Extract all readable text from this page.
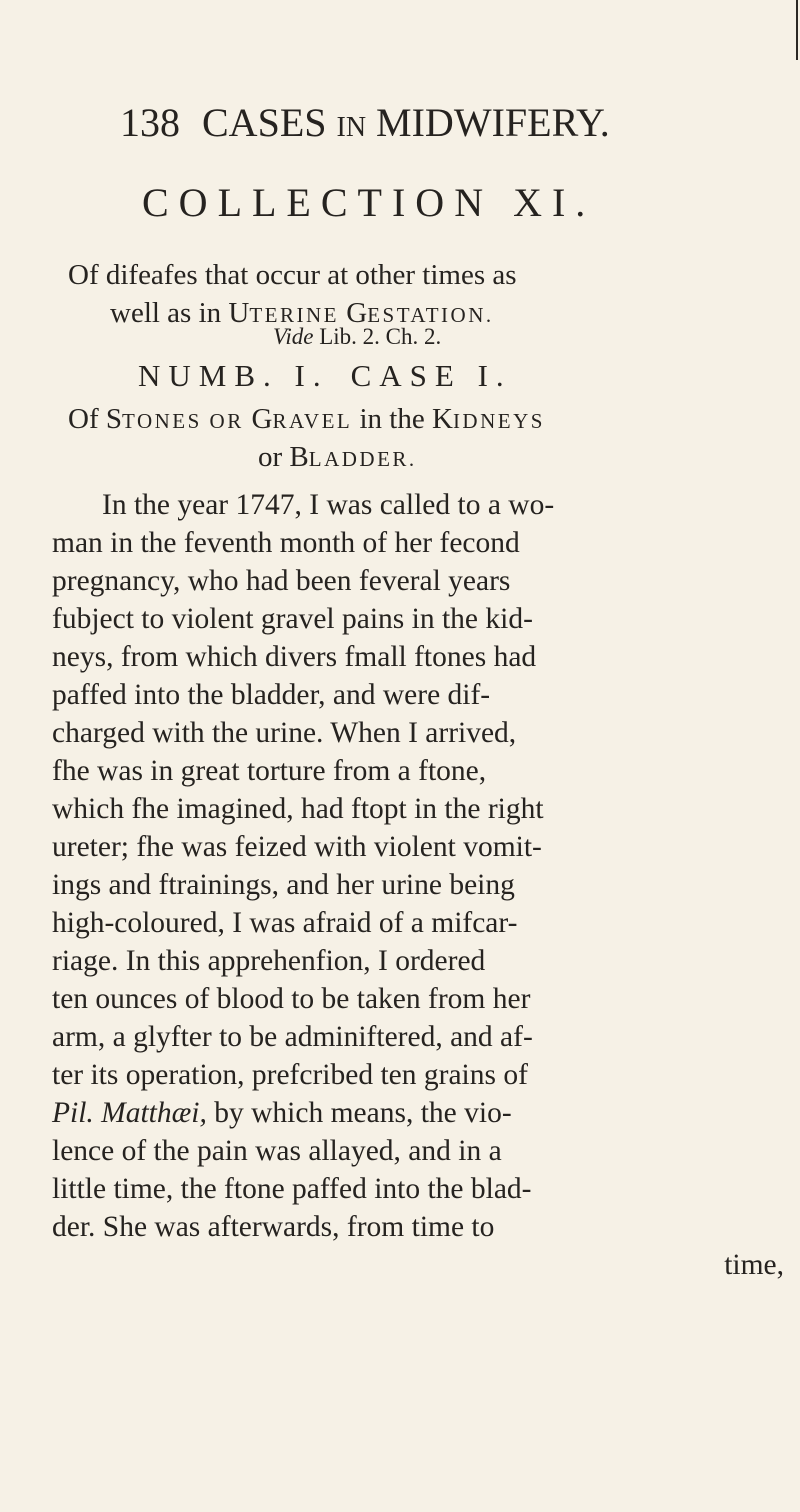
138 CASES IN MIDWIFERY.
COLLECTION XI.
Of difeafes that occur at other times as
well as in UTERINE GESTATION.
Vide Lib. 2. Ch. 2.
NUMB. I. CASE I.
Of STONES OR GRAVEL in the KIDNEYS
or BLADDER.
In the year 1747, I was called to a wo-
man in the feventh month of her fecond
pregnancy, who had been feveral years
fubject to violent gravel pains in the kid-
neys, from which divers fmall ftones had
paffed into the bladder, and were dif-
charged with the urine. When I arrived,
fhe was in great torture from a ftone,
which fhe imagined, had ftopt in the right
ureter; fhe was feized with violent vomit-
ings and ftrainings, and her urine being
high-coloured, I was afraid of a mifcar-
riage. In this apprehenfion, I ordered
ten ounces of blood to be taken from her
arm, a glyfter to be adminiftered, and af-
ter its operation, prefcribed ten grains of
Pil. Matthæi, by which means, the vio-
lence of the pain was allayed, and in a
little time, the ftone paffed into the blad-
der. She was afterwards, from time to
time,
